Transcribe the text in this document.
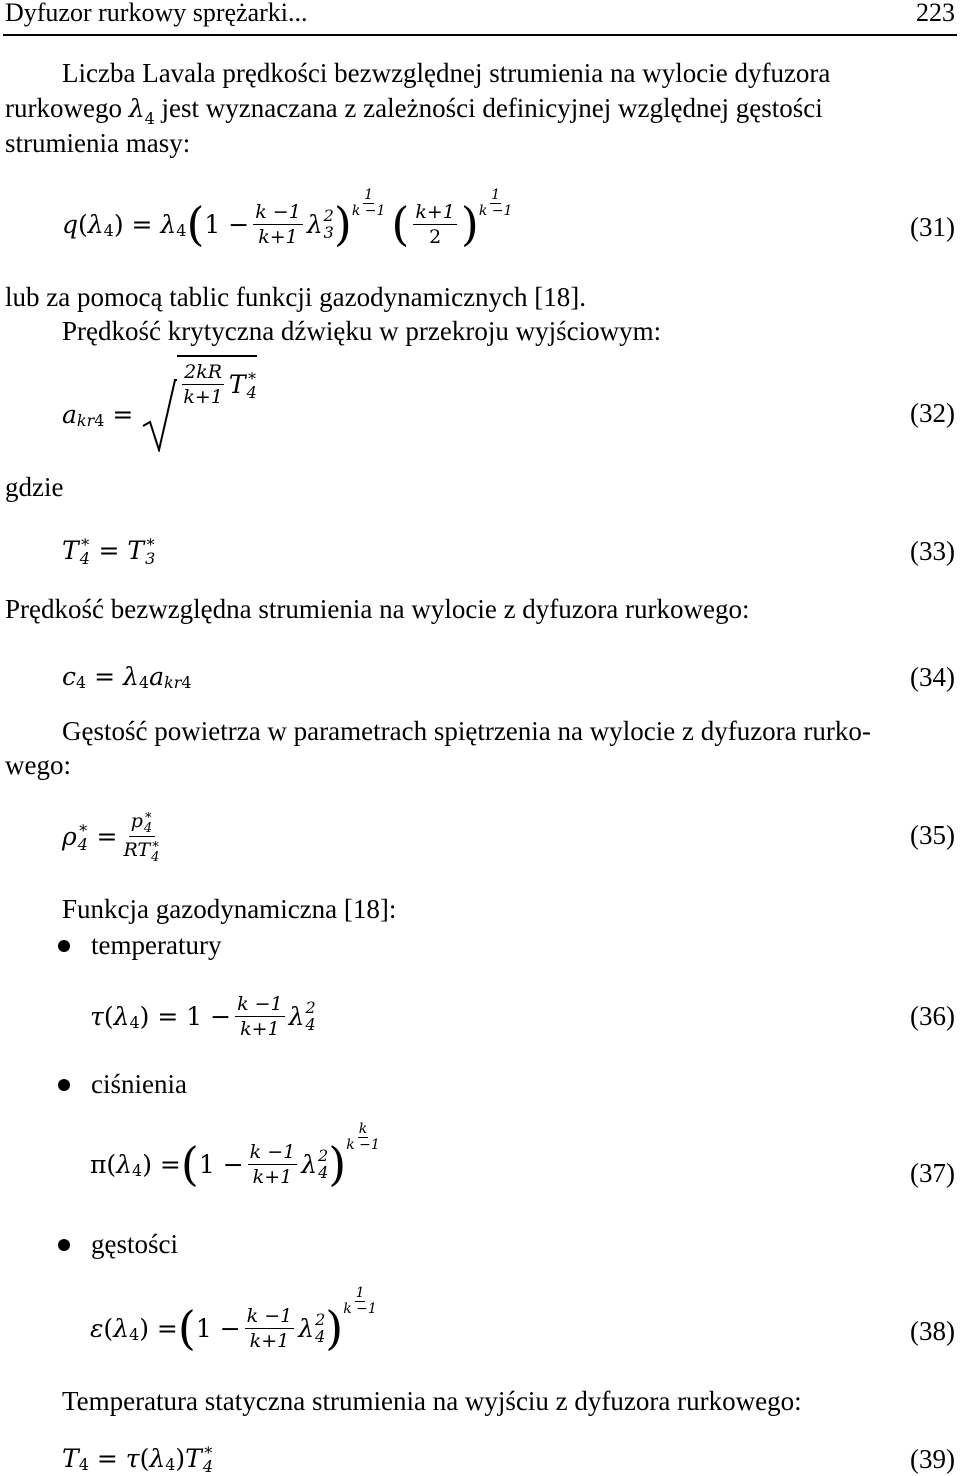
Dyfuzor rurkowy sprężarki...	223
Liczba Lavala prędkości bezwzględnej strumienia na wylocie dyfuzora
rurkowego $\lambda_4$ jest wyznaczana z zależności definicyjnej względnej gęstości
strumienia masy:
q ( λ 4 ) = λ 4 ( $1 - \frac{k -1}{k+1}$ λ 2
3 )
1
k −1 ( $\frac{k+1}{2}$ )
1
k −1
(31)
lub za pomocą tablic funkcji gazodynamicznych [18].
Prędkość krytyczna dźwięku w przekroju wyjściowym:
a kr 4 =
$\frac{2kR}{k+1}$ T ∗
4
(32)
gdzie
T ∗
4 = T ∗
3	(33)
Prędkość bezwzględna strumienia na wylocie z dyfuzora rurkowego:
c 4 = λ 4 a kr 4	(34)
Gęstość powietrza w parametrach spiętrzenia na wylocie z dyfuzora rurko-
wego:
ρ ∗
4 = p ∗
4
RT ∗
4	(35)
Funkcja gazodynamiczna [18]:
temperatury
τ ( λ 4 ) = $1 - \frac{k -1}{k+1}$ λ 2
4	(36)
ciśnienia
π( λ 4 ) = ( $1 - \frac{k -1}{k+1}$ λ 2
4 )
k
k −1
(37)
gęstości
ε ( λ 4 ) = ( $1 - \frac{k -1}{k+1}$ λ 2
4 )
1
k −1
(38)
Temperatura statyczna strumienia na wyjściu z dyfuzora rurkowego:
T 4 = τ ( λ 4 ) T ∗
4	(39)
